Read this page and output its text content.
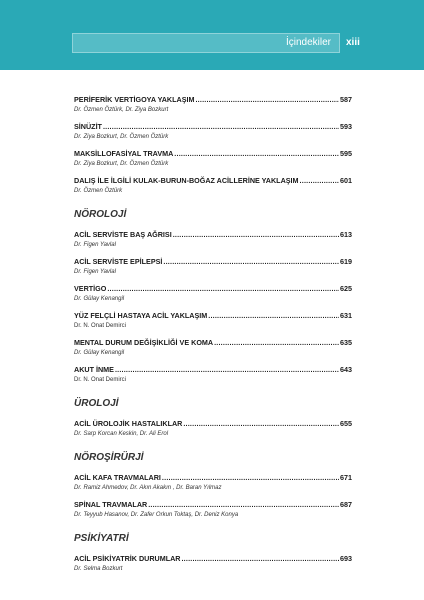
İçindekiler xiii
PERİFERİK VERTİGOYA YAKLAŞIM .....	587
Dr. Özmen Öztürk, Dr. Ziya Bozkurt
SİNÜZİT .....	593
Dr. Ziya Bozkurt, Dr. Özmen Öztürk
MAKSİLLOFASİYAL TRAVMA .....	595
Dr. Ziya Bozkurt, Dr. Özmen Öztürk
DALIŞ İLE İLGİLİ KULAK-BURUN-BOĞAZ ACİLLERİNE YAKLAŞIM .....	601
Dr. Özmen Öztürk
NÖROLOJİ
ACİL SERVİSTE BAŞ AĞRISI .....	613
Dr. Figen Yavlal
ACİL SERVİSTE EPİLEPSİ .....	619
Dr. Figen Yavlal
VERTİGO .....	625
Dr. Gülay Kenangil
YÜZ FELÇLİ HASTAYA ACİL YAKLAŞIM .....	631
Dr. N. Onat Demirci
MENTAL DURUM DEĞİŞİKLİĞİ VE KOMA .....	635
Dr. Gülay Kenangil
AKUT İNME .....	643
Dr. N. Onat Demirci
ÜROLOJİ
ACİL ÜROLOJİK HASTALIKLAR .....	655
Dr. Sarp Korcan Keskin, Dr. Ali Erol
NÖROŞİRÜRJİ
ACİL KAFA TRAVMALARI .....	671
Dr. Ramiz Ahmedov, Dr. Akın Akakın , Dr. Baran Yılmaz
SPİNAL TRAVMALAR .....	687
Dr. Teyyub Hasanov, Dr. Zafer Orkun Toktaş, Dr. Deniz Konya
PSİKİYATRİ
ACİL PSİKİYATRİK DURUMLAR .....	693
Dr. Selma Bozkurt
